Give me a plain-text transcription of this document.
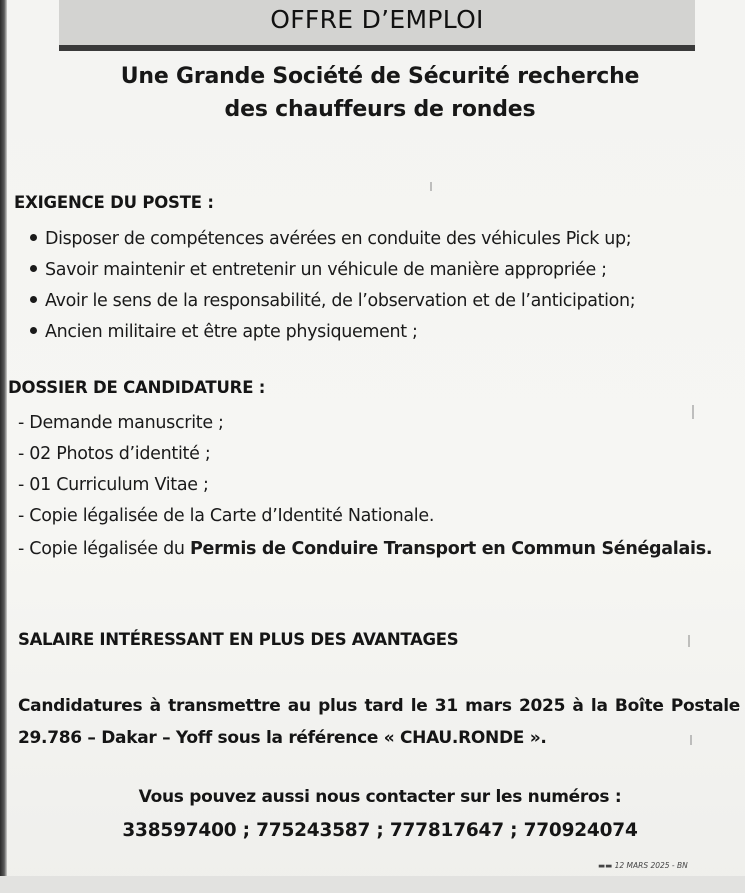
OFFRE D’EMPLOI
Une Grande Société de Sécurité recherche
des chauffeurs de rondes
EXIGENCE DU POSTE :
Disposer de compétences avérées en conduite des véhicules Pick up;
Savoir maintenir et entretenir un véhicule de manière appropriée ;
Avoir le sens de la responsabilité, de l’observation et de l’anticipation;
Ancien militaire et être apte physiquement ;
DOSSIER DE CANDIDATURE :
- Demande manuscrite ;
- 02 Photos d’identité ;
- 01 Curriculum Vitae ;
- Copie légalisée de la Carte d’Identité Nationale.
- Copie légalisée du Permis de Conduire Transport en Commun Sénégalais.
SALAIRE INTÉRESSANT EN PLUS DES AVANTAGES
Candidatures à transmettre au plus tard le 31 mars 2025 à la Boîte Postale 29.786 – Dakar – Yoff sous la référence « CHAU.RONDE ».
Vous pouvez aussi nous contacter sur les numéros :
338597400 ; 775243587 ; 777817647 ; 770924074
▬▬ 12 MARS 2025 - BN
